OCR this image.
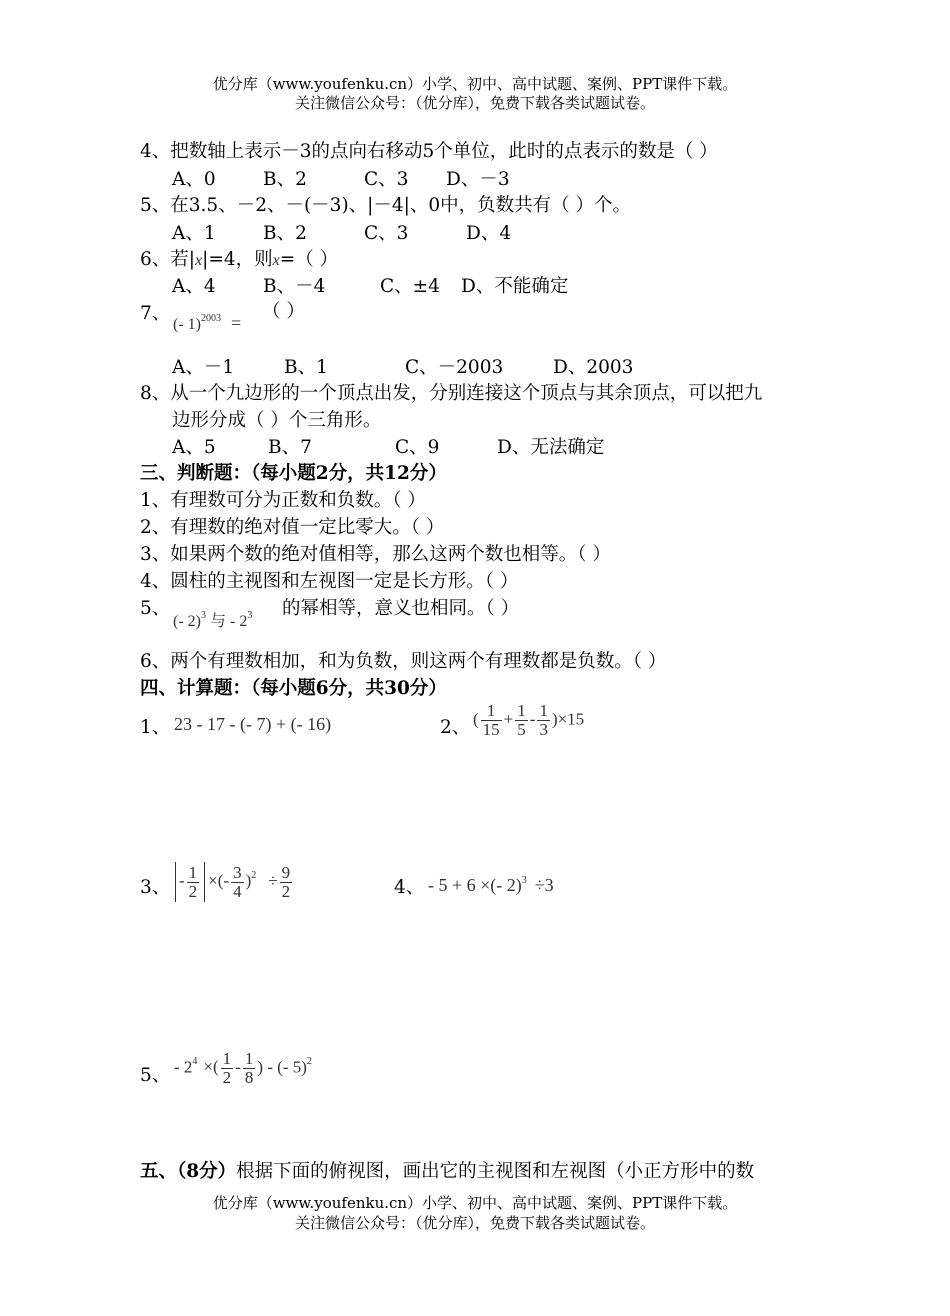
优分库（www.youfenku.cn）小学、初中、高中试题、案例、PPT课件下载。
关注微信公众号：（优分库），免费下载各类试题试卷。
4、把数轴上表示－3的点向右移动5个单位，此时的点表示的数是（ ）
A、0	B、2	C、3 D、－3
5、在3.5、－2、－(－3)、|－4|、0中，负数共有（ ）个。
A、1	B、2	C、3	D、4
6、若|x|=4，则x=（ ）
A、4	B、－4	C、±4 D、不能确定
7、
(- 1)$^{2003}$ =
（ ）
A、－1	B、1	C、－2003	D、2003
8、从一个九边形的一个顶点出发，分别连接这个顶点与其余顶点，可以把九
边形分成（ ）个三角形。
A、5	B、7	C、9	D、无法确定
三、判断题：（每小题2分，共12分）
1、有理数可分为正数和负数。（ ）
2、有理数的绝对值一定比零大。（ ）
3、如果两个数的绝对值相等，那么这两个数也相等。（ ）
4、圆柱的主视图和左视图一定是长方形。（ ）
5、
(- 2)$^3$ 与 - $2^3$ 的幂相等，意义也相同。（ ）
6、两个有理数相加，和为负数，则这两个有理数都是负数。（ ）
四、计算题：（每小题6分，共30分）
1、 23 - 17 - (- 7) + (- 16)	2、 ( $\frac{1}{15} + \frac{1}{5} - \frac{1}{3} )\times 15$
3、 - $\frac{1}{2}$ ×(- $\frac{3}{4} )^2 \div \frac{9}{2}$	4、 - 5 + 6 ×(- 2)$^3$ ÷3
5、 - $2^4$ ×( $\frac{1}{2} - \frac{1}{8}$ ) - (- 5)$^2$
五、（8分）根据下面的俯视图，画出它的主视图和左视图（小正方形中的数
优分库（www.youfenku.cn）小学、初中、高中试题、案例、PPT课件下载。
关注微信公众号：（优分库），免费下载各类试题试卷。
